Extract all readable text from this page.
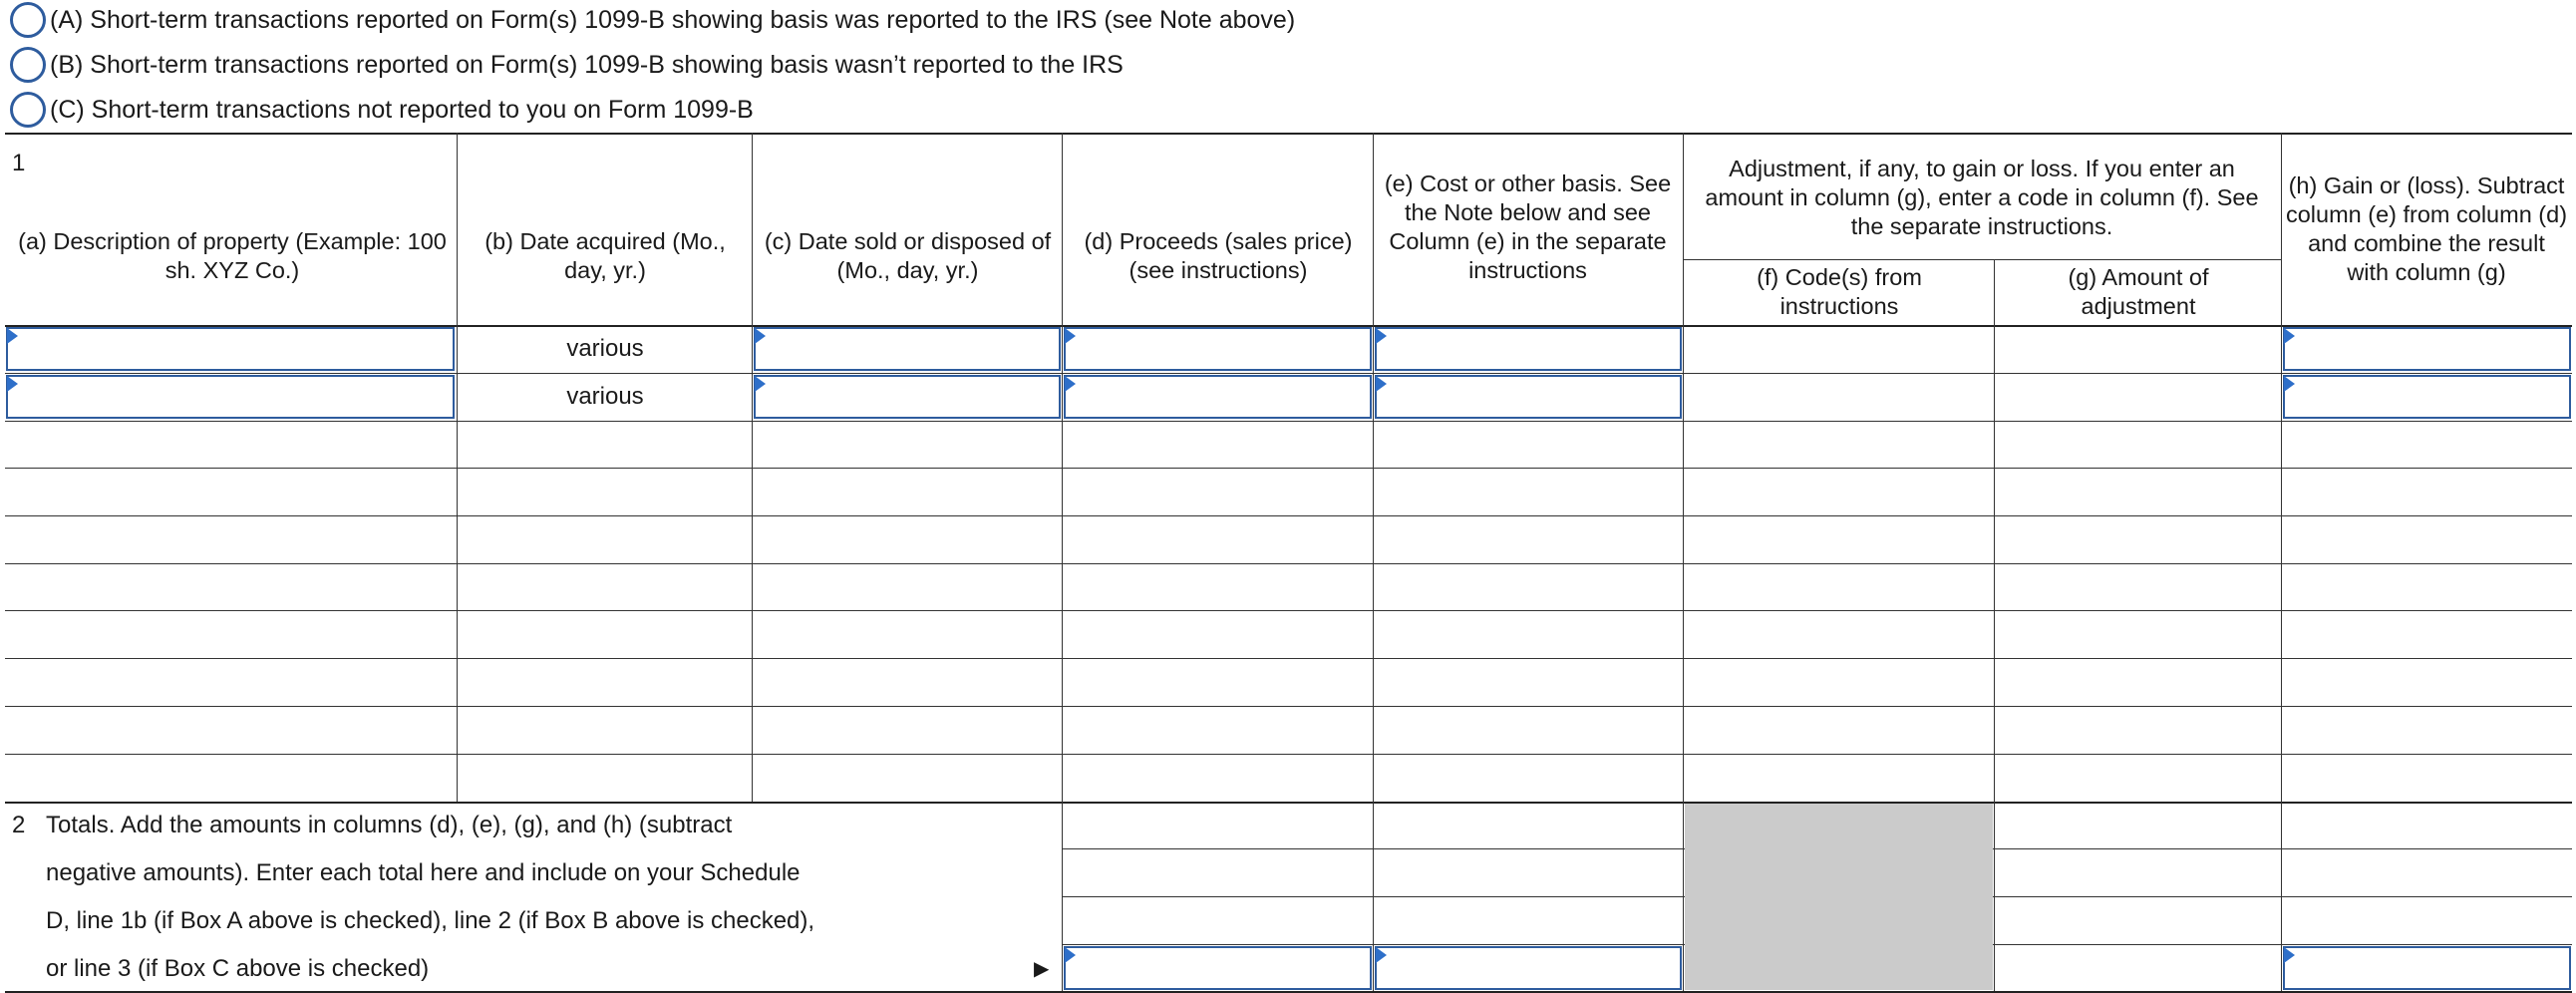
(A) Short-term transactions reported on Form(s) 1099-B showing basis was reported to the IRS (see Note above)
(B) Short-term transactions reported on Form(s) 1099-B showing basis wasn’t reported to the IRS
(C) Short-term transactions not reported to you on Form 1099-B
1
(a) Description of property (Example: 100 sh. XYZ Co.)
(b) Date acquired (Mo., day, yr.)
(c) Date sold or disposed of (Mo., day, yr.)
(d) Proceeds (sales price) (see instructions)
(e) Cost or other basis. See the Note below and see Column (e) in the separate instructions
Adjustment, if any, to gain or loss. If you enter an amount in column (g), enter a code in column (f). See the separate instructions.
(f) Code(s) from instructions
(g) Amount of adjustment
(h) Gain or (loss). Subtract column (e) from column (d) and combine the result with column (g)
various
various
2 Totals. Add the amounts in columns (d), (e), (g), and (h) (subtract
negative amounts). Enter each total here and include on your Schedule
D, line 1b (if Box A above is checked), line 2 (if Box B above is checked),
or line 3 (if Box C above is checked)	▶
